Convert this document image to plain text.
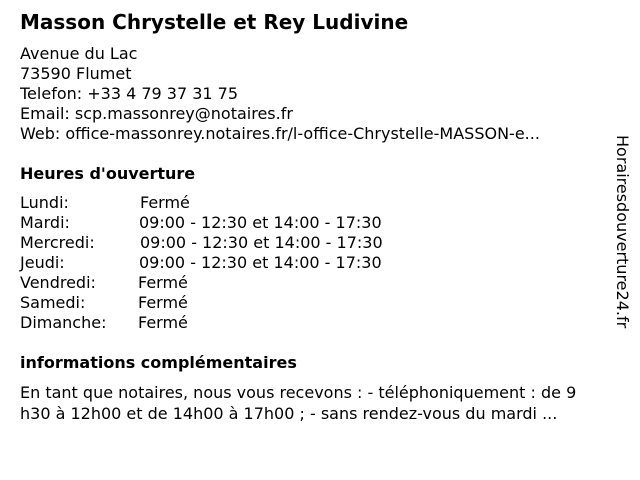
Masson Chrystelle et Rey Ludivine
Avenue du Lac
73590 Flumet
Telefon: +33 4 79 37 31 75
Email: scp.massonrey@notaires.fr
Web: office-massonrey.notaires.fr/l-office-Chrystelle-MASSON-e...
Heures d'ouverture
Lundi:	Fermé
Mardi:	09:00 - 12:30 et 14:00 - 17:30
Mercredi:	09:00 - 12:30 et 14:00 - 17:30
Jeudi:	09:00 - 12:30 et 14:00 - 17:30
Vendredi:	Fermé
Samedi:	Fermé
Dimanche: Fermé
informations complémentaires
En tant que notaires, nous vous recevons : - téléphoniquement : de 9
h30 à 12h00 et de 14h00 à 17h00 ; - sans rendez-vous du mardi ...
Horairesdouverture24.fr
